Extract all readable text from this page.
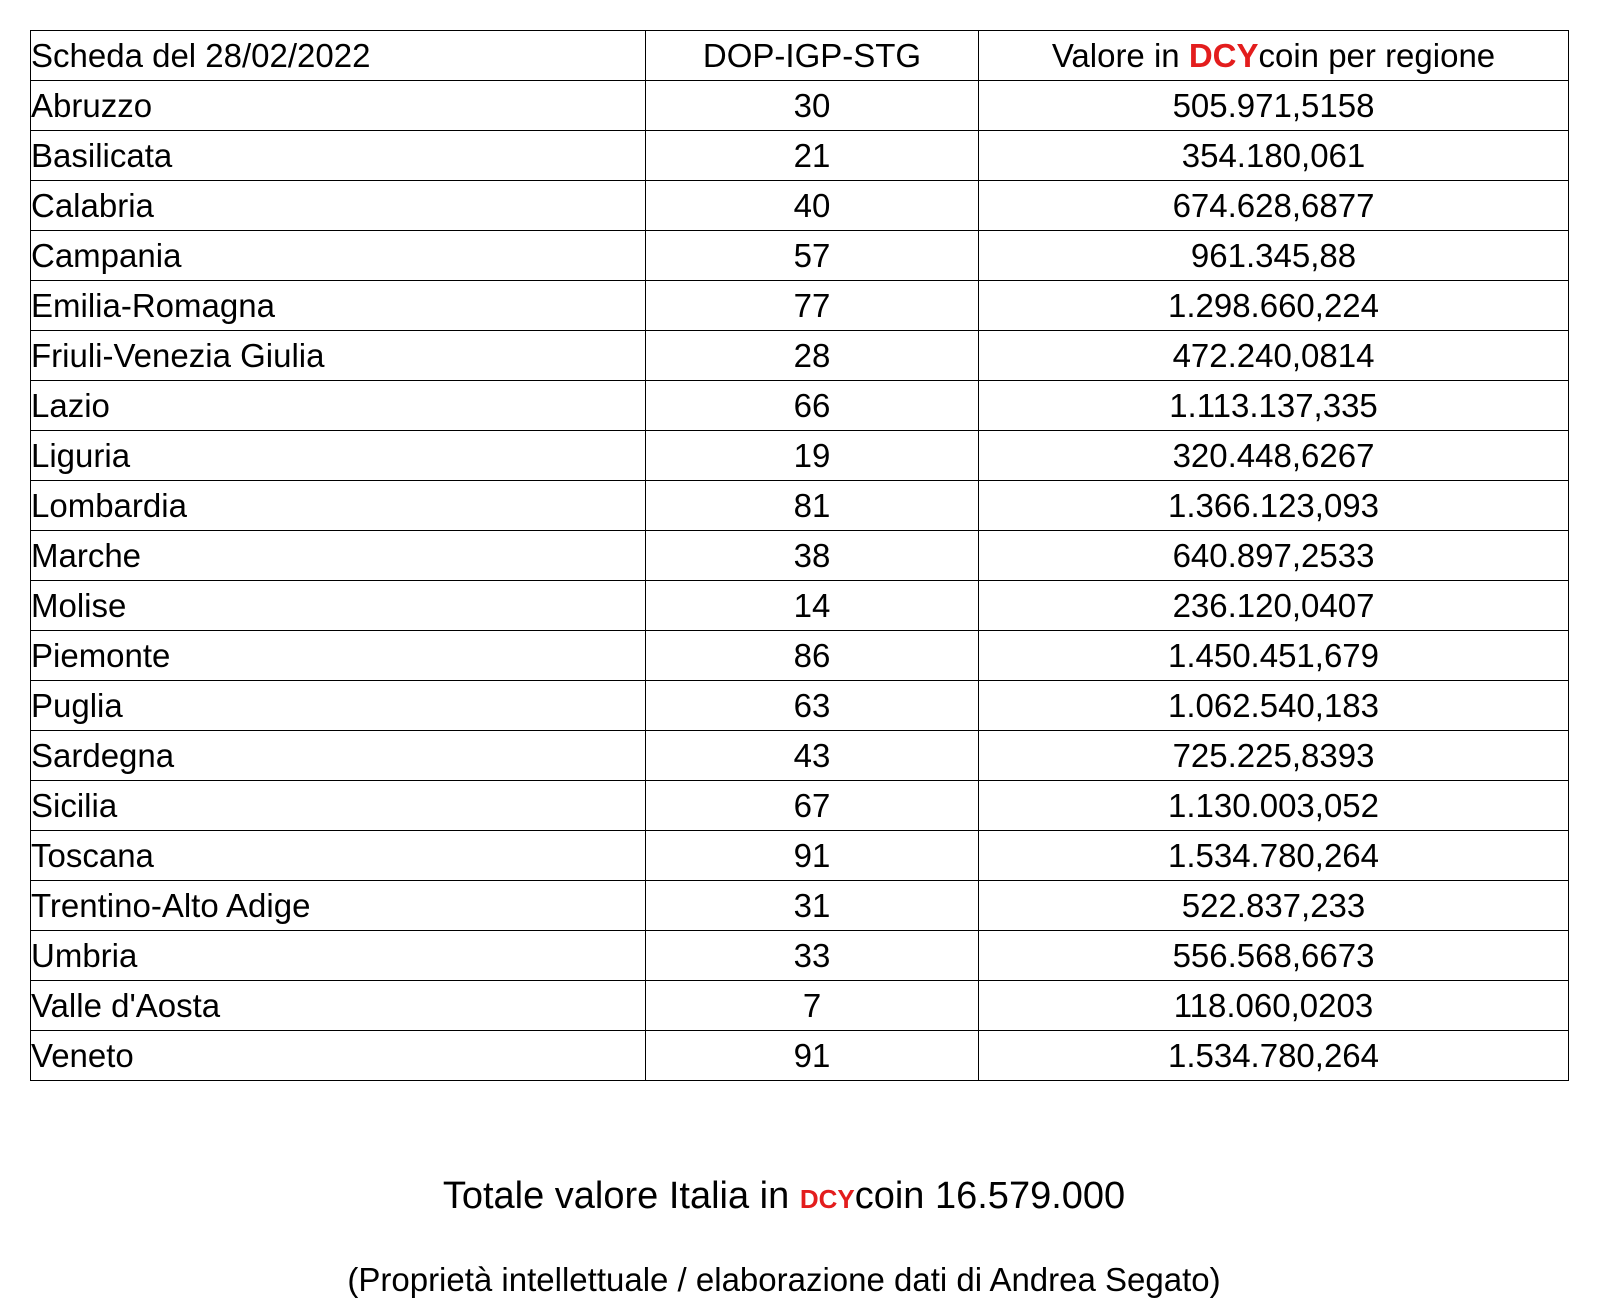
Scheda del 28/02/2022	DOP-IGP-STG	Valore in DCYcoin per regione
Abruzzo	30	505.971,5158
Basilicata	21	354.180,061
Calabria	40	674.628,6877
Campania	57	961.345,88
Emilia-Romagna	77	1.298.660,224
Friuli-Venezia Giulia	28	472.240,0814
Lazio	66	1.113.137,335
Liguria	19	320.448,6267
Lombardia	81	1.366.123,093
Marche	38	640.897,2533
Molise	14	236.120,0407
Piemonte	86	1.450.451,679
Puglia	63	1.062.540,183
Sardegna	43	725.225,8393
Sicilia	67	1.130.003,052
Toscana	91	1.534.780,264
Trentino-Alto Adige	31	522.837,233
Umbria	33	556.568,6673
Valle d'Aosta	7	118.060,0203
Veneto	91	1.534.780,264
Totale valore Italia in DCYcoin 16.579.000
(Proprietà intellettuale / elaborazione dati di Andrea Segato)
